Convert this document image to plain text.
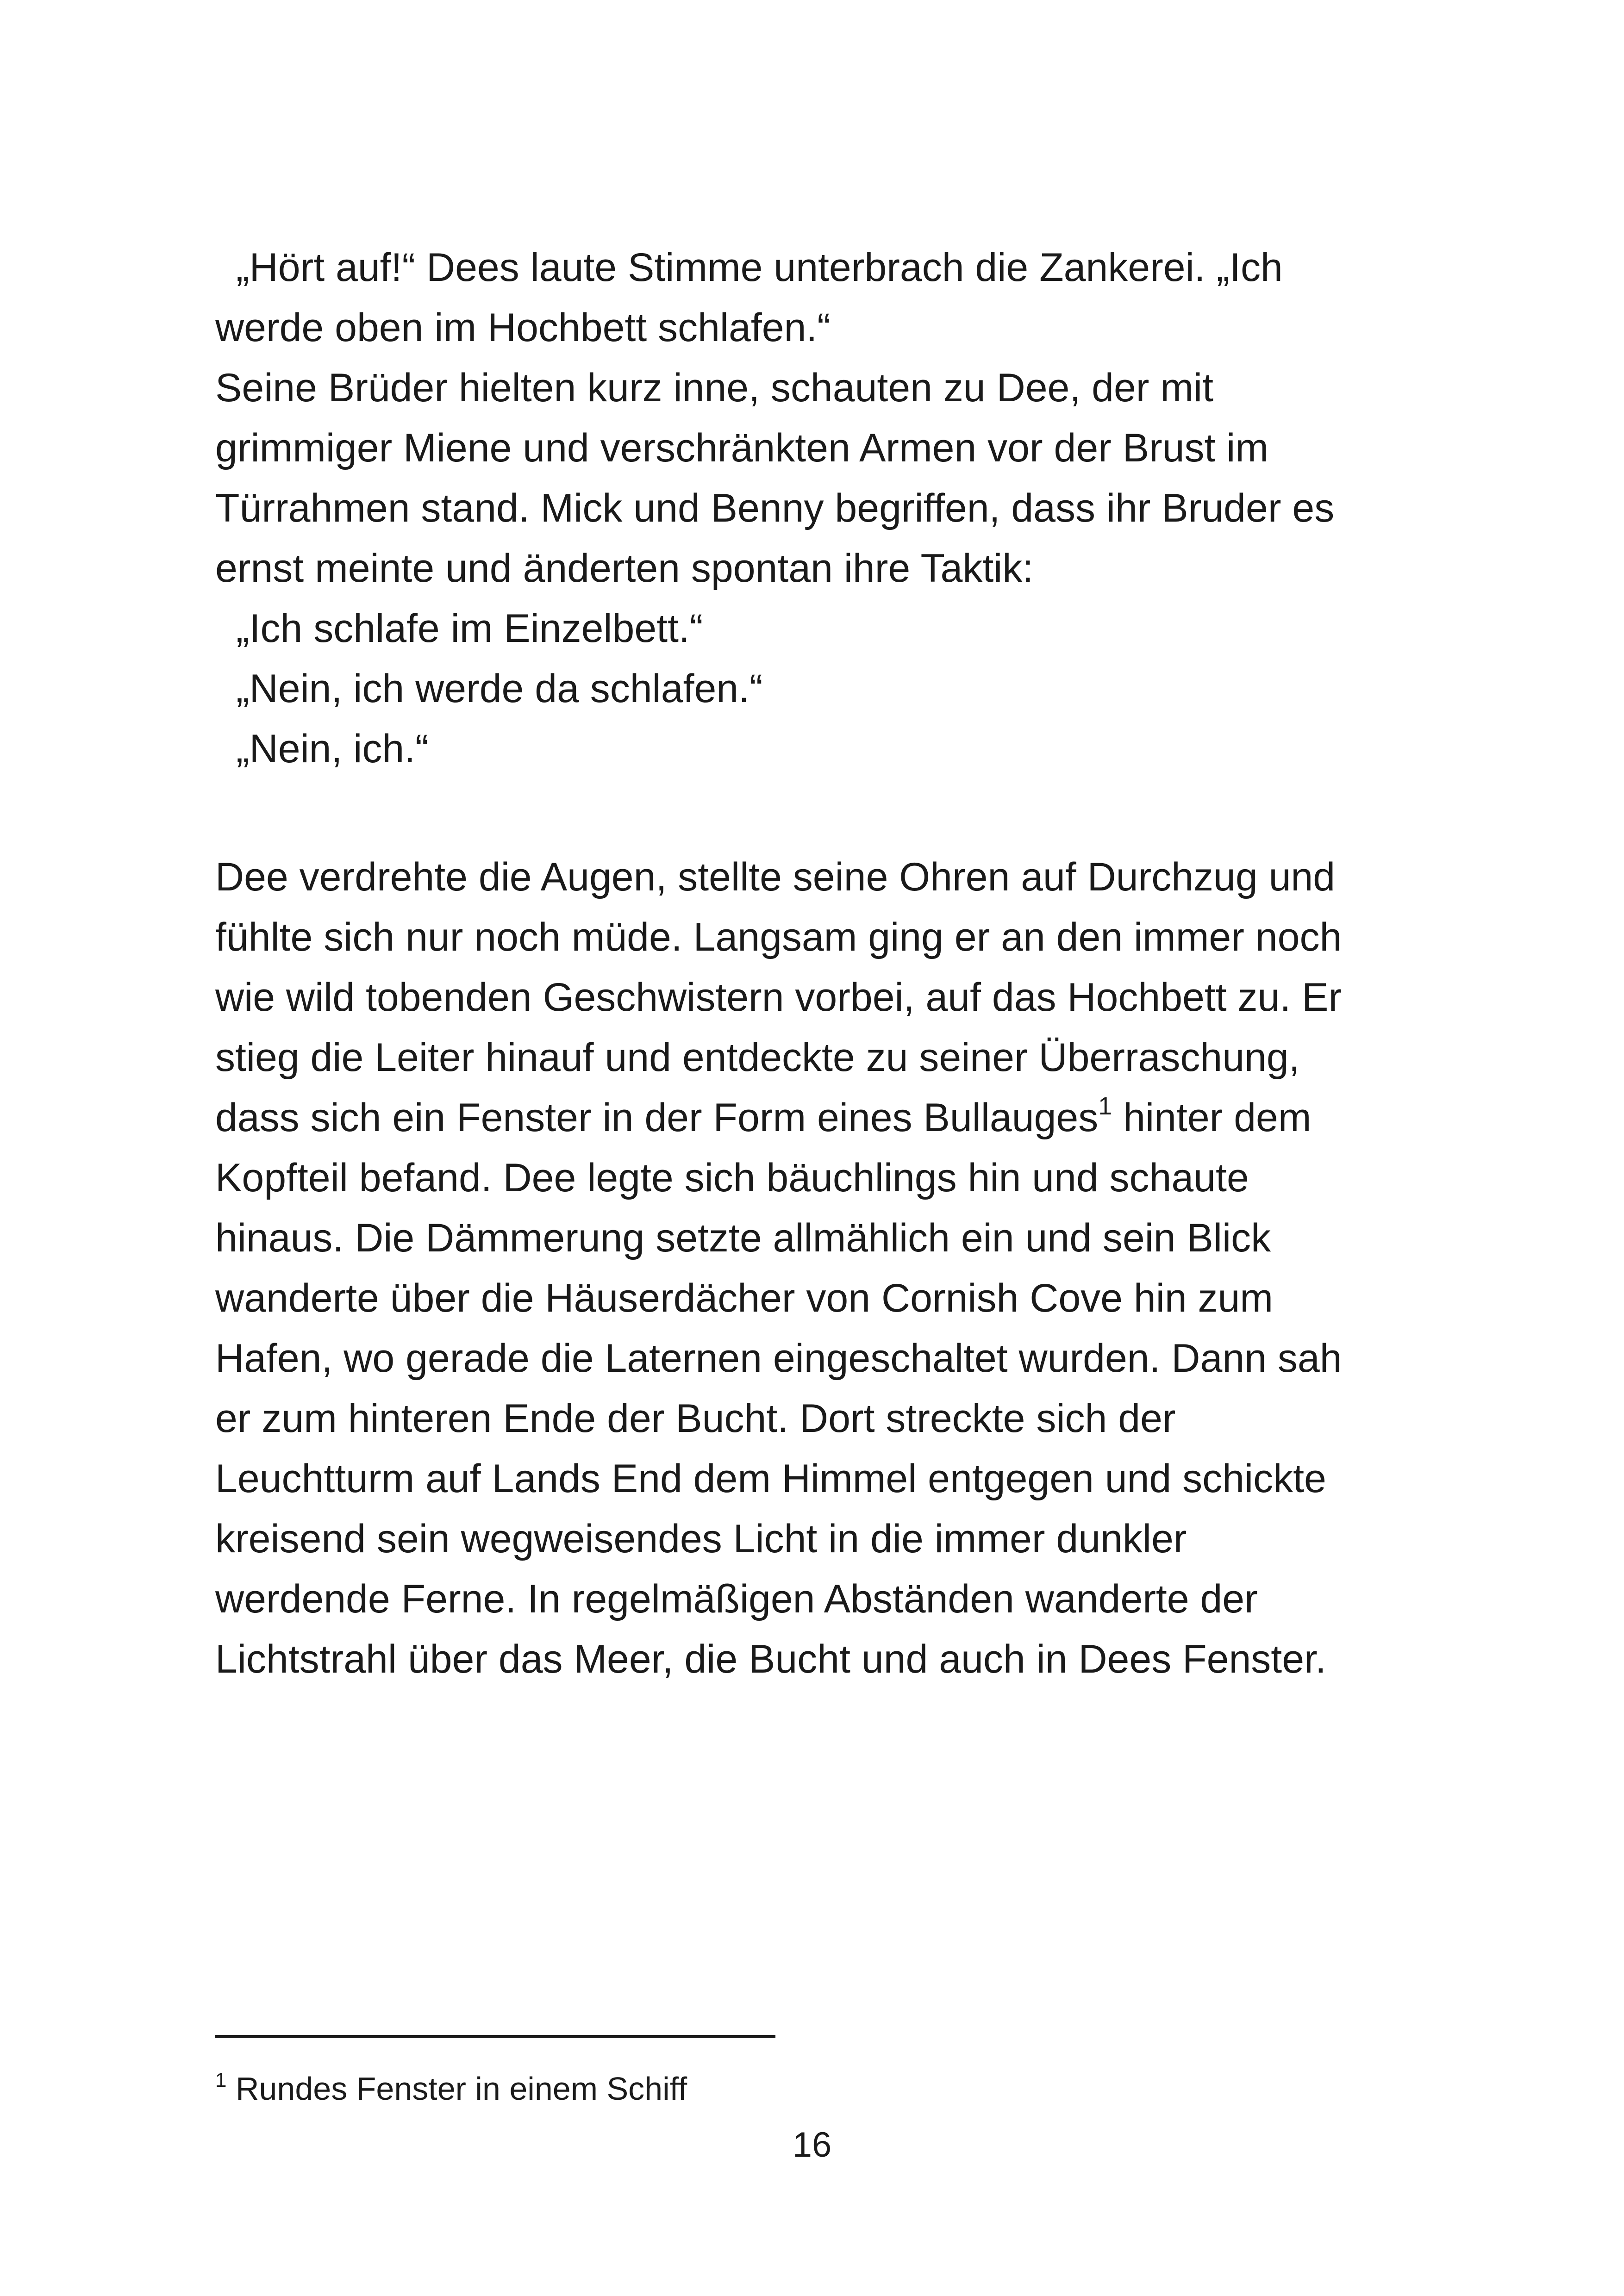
„Hört auf!“ Dees laute Stimme unterbrach die Zankerei. „Ich
werde oben im Hochbett schlafen.“
Seine Brüder hielten kurz inne, schauten zu Dee, der mit
grimmiger Miene und verschränkten Armen vor der Brust im
Türrahmen stand. Mick und Benny begriffen, dass ihr Bruder es
ernst meinte und änderten spontan ihre Taktik:
„Ich schlafe im Einzelbett.“
„Nein, ich werde da schlafen.“
„Nein, ich.“
Dee verdrehte die Augen, stellte seine Ohren auf Durchzug und
fühlte sich nur noch müde. Langsam ging er an den immer noch
wie wild tobenden Geschwistern vorbei, auf das Hochbett zu. Er
stieg die Leiter hinauf und entdeckte zu seiner Überraschung,
dass sich ein Fenster in der Form eines Bullauges$^1$ hinter dem
Kopfteil befand. Dee legte sich bäuchlings hin und schaute
hinaus. Die Dämmerung setzte allmählich ein und sein Blick
wanderte über die Häuserdächer von Cornish Cove hin zum
Hafen, wo gerade die Laternen eingeschaltet wurden. Dann sah
er zum hinteren Ende der Bucht. Dort streckte sich der
Leuchtturm auf Lands End dem Himmel entgegen und schickte
kreisend sein wegweisendes Licht in die immer dunkler
werdende Ferne. In regelmäßigen Abständen wanderte der
Lichtstrahl über das Meer, die Bucht und auch in Dees Fenster.
$^1$ Rundes Fenster in einem Schiff
16
